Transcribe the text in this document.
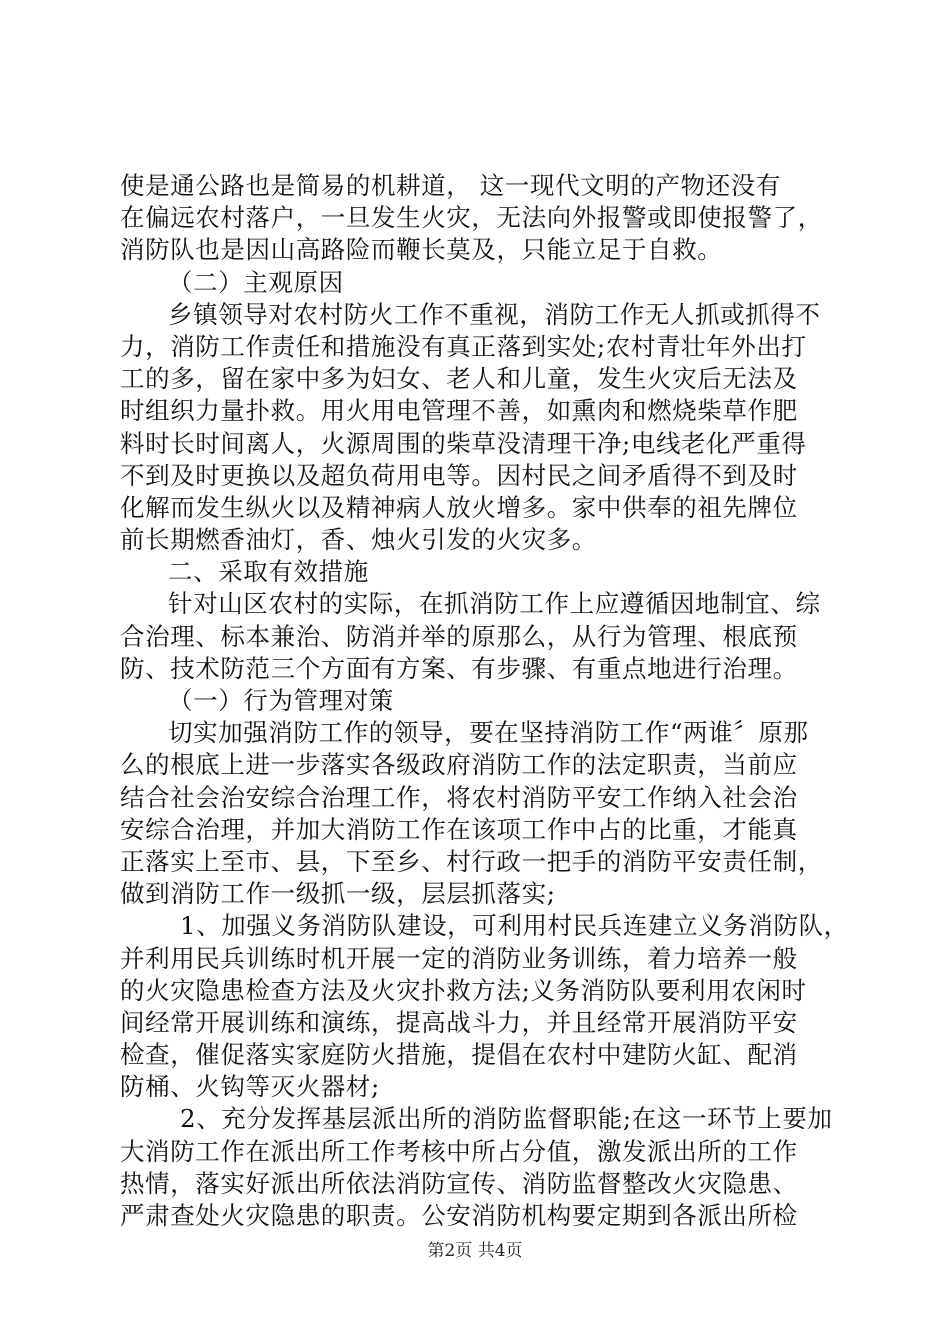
使是通公路也是简易的机耕道， 这一现代文明的产物还没有
在偏远农村落户，一旦发生火灾，无法向外报警或即使报警了，
消防队也是因山高路险而鞭长莫及，只能立足于自救。
（二）主观原因
乡镇领导对农村防火工作不重视，消防工作无人抓或抓得不
力，消防工作责任和措施没有真正落到实处;农村青壮年外出打
工的多，留在家中多为妇女、老人和儿童，发生火灾后无法及
时组织力量扑救。用火用电管理不善，如熏肉和燃烧柴草作肥
料时长时间离人，火源周围的柴草没清理干净;电线老化严重得
不到及时更换以及超负荷用电等。因村民之间矛盾得不到及时
化解而发生纵火以及精神病人放火增多。家中供奉的祖先牌位
前长期燃香油灯，香、烛火引发的火灾多。
二、采取有效措施
针对山区农村的实际，在抓消防工作上应遵循因地制宜、综
合治理、标本兼治、防消并举的原那么，从行为管理、根底预
防、技术防范三个方面有方案、有步骤、有重点地进行治理。
（一）行为管理对策
切实加强消防工作的领导，要在坚持消防工作“两谁〞原那
么的根底上进一步落实各级政府消防工作的法定职责，当前应
结合社会治安综合治理工作，将农村消防平安工作纳入社会治
安综合治理，并加大消防工作在该项工作中占的比重，才能真
正落实上至市、县，下至乡、村行政一把手的消防平安责任制，
做到消防工作一级抓一级，层层抓落实;
1、加强义务消防队建设，可利用村民兵连建立义务消防队，
并利用民兵训练时机开展一定的消防业务训练，着力培养一般
的火灾隐患检查方法及火灾扑救方法;义务消防队要利用农闲时
间经常开展训练和演练，提高战斗力，并且经常开展消防平安
检查，催促落实家庭防火措施，提倡在农村中建防火缸、配消
防桶、火钩等灭火器材;
2、充分发挥基层派出所的消防监督职能;在这一环节上要加
大消防工作在派出所工作考核中所占分值，激发派出所的工作
热情，落实好派出所依法消防宣传、消防监督整改火灾隐患、
严肃查处火灾隐患的职责。公安消防机构要定期到各派出所检
第2页 共4页
